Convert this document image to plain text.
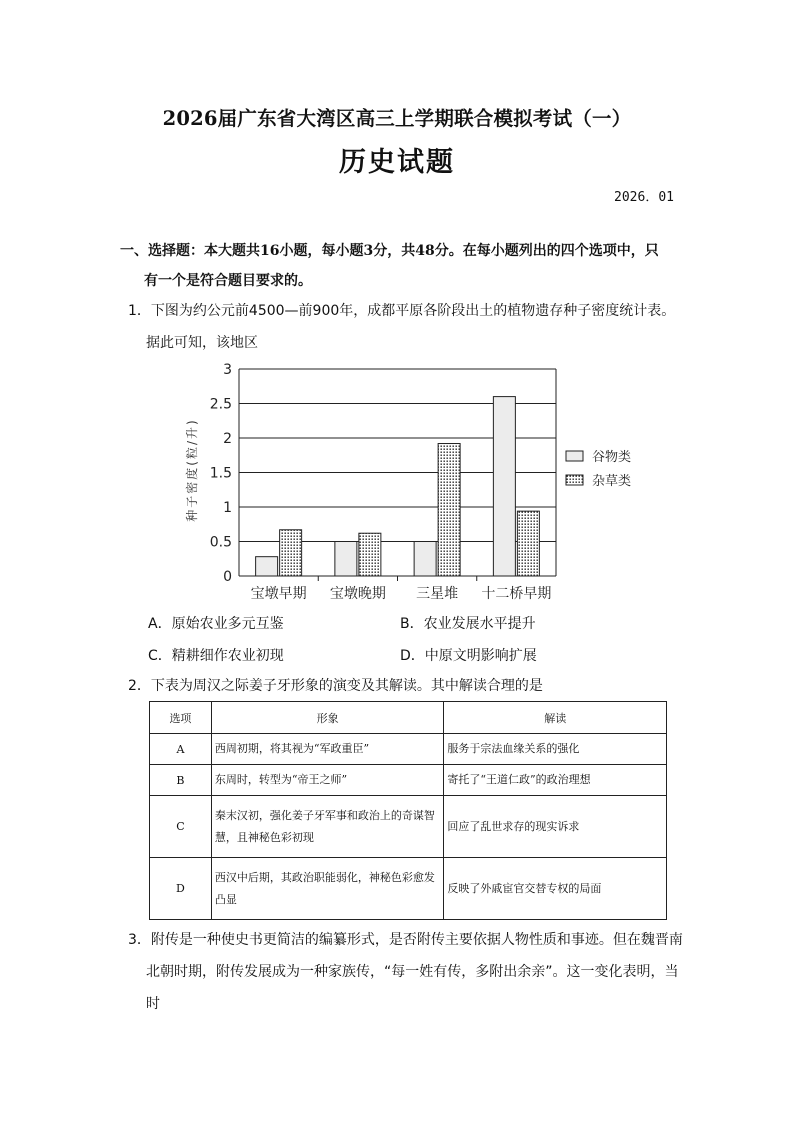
2026届广东省大湾区高三上学期联合模拟考试（一）
历史试题
2026．01
一、选择题：本大题共16小题，每小题3分，共48分。在每小题列出的四个选项中，只
有一个是符合题目要求的。
1．下图为约公元前4500—前900年，成都平原各阶段出土的植物遗存种子密度统计表。
据此可知，该地区
0
0.5
1
1.5
2
2.5
3
宝墩早期 宝墩晚期 三星堆 十二桥早期
种子密度(粒/升)	谷物类
杂草类
A．原始农业多元互鉴	B．农业发展水平提升
C．精耕细作农业初现	D．中原文明影响扩展
2．下表为周汉之际姜子牙形象的演变及其解读。其中解读合理的是
选项	形象	解读
A	西周初期，将其视为“军政重臣”	服务于宗法血缘关系的强化
B	东周时，转型为“帝王之师”	寄托了“王道仁政”的政治理想
C	秦末汉初，强化姜子牙军事和政治上的奇谋智慧，且神秘色彩初现	回应了乱世求存的现实诉求
D	西汉中后期，其政治职能弱化，神秘色彩愈发凸显	反映了外戚宦官交替专权的局面
3．附传是一种使史书更简洁的编纂形式，是否附传主要依据人物性质和事迹。但在魏晋南
北朝时期，附传发展成为一种家族传，“每一姓有传，多附出余亲”。这一变化表明，当
时
